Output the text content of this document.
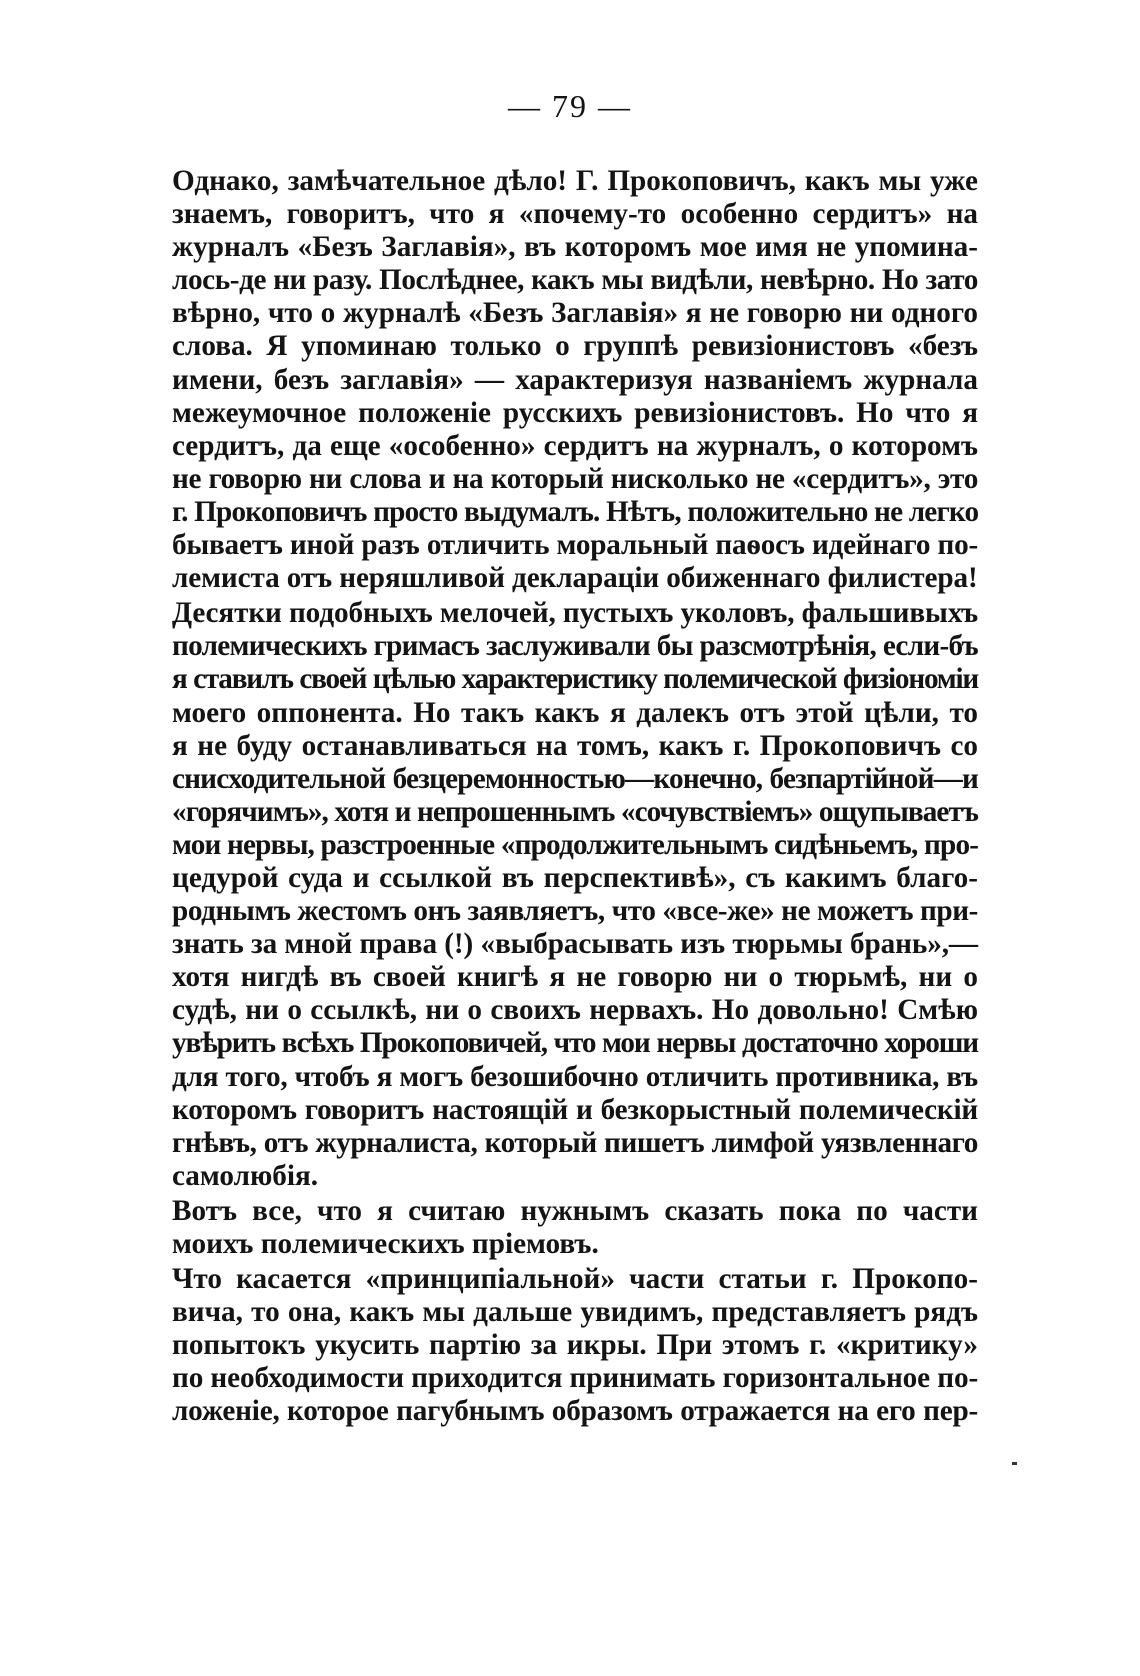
— 79 —
Однако, замѣчательное дѣло! Г. Прокоповичъ, какъ мы уже
знаемъ, говоритъ, что я «почему-то особенно сердитъ» на
журналъ «Безъ Заглавія», въ которомъ мое имя не упомина-
лось-де ни разу. Послѣднее, какъ мы видѣли, невѣрно. Но зато
вѣрно, что о журналѣ «Безъ Заглавія» я не говорю ни одного
слова. Я упоминаю только о группѣ ревизіонистовъ «безъ
имени, безъ заглавія» — характеризуя названіемъ журнала
межеумочное положеніе русскихъ ревизіонистовъ. Но что я
сердитъ, да еще «особенно» сердитъ на журналъ, о которомъ
не говорю ни слова и на который нисколько не «сердитъ», это
г. Прокоповичъ просто выдумалъ. Нѣтъ, положительно не легко
бываетъ иной разъ отличить моральный паѳосъ идейнаго по-
лемиста отъ неряшливой деклараціи обиженнаго филистера!
Десятки подобныхъ мелочей, пустыхъ уколовъ, фальшивыхъ
полемическихъ гримасъ заслуживали бы разсмотрѣнія, если-бъ
я ставилъ своей цѣлью характеристику полемической физіономіи
моего оппонента. Но такъ какъ я далекъ отъ этой цѣли, то
я не буду останавливаться на томъ, какъ г. Прокоповичъ со
снисходительной безцеремонностью—конечно, безпартійной—и
«горячимъ», хотя и непрошеннымъ «сочувствіемъ» ощупываетъ
мои нервы, разстроенные «продолжительнымъ сидѣньемъ, про-
цедурой суда и ссылкой въ перспективѣ», съ какимъ благо-
роднымъ жестомъ онъ заявляетъ, что «все-же» не можетъ при-
знать за мной права (!) «выбрасывать изъ тюрьмы брань»,—
хотя нигдѣ въ своей книгѣ я не говорю ни о тюрьмѣ, ни о
судѣ, ни о ссылкѣ, ни о своихъ нервахъ. Но довольно! Смѣю
увѣрить всѣхъ Прокоповичей, что мои нервы достаточно хороши
для того, чтобъ я могъ безошибочно отличить противника, въ
которомъ говоритъ настоящій и безкорыстный полемическій
гнѣвъ, отъ журналиста, который пишетъ лимфой уязвленнаго
самолюбія.
Вотъ все, что я считаю нужнымъ сказать пока по части
моихъ полемическихъ пріемовъ.
Что касается «принципіальной» части статьи г. Прокопо-
вича, то она, какъ мы дальше увидимъ, представляетъ рядъ
попытокъ укусить партію за икры. При этомъ г. «критику»
по необходимости приходится принимать горизонтальное по-
ложеніе, которое пагубнымъ образомъ отражается на его пер-
